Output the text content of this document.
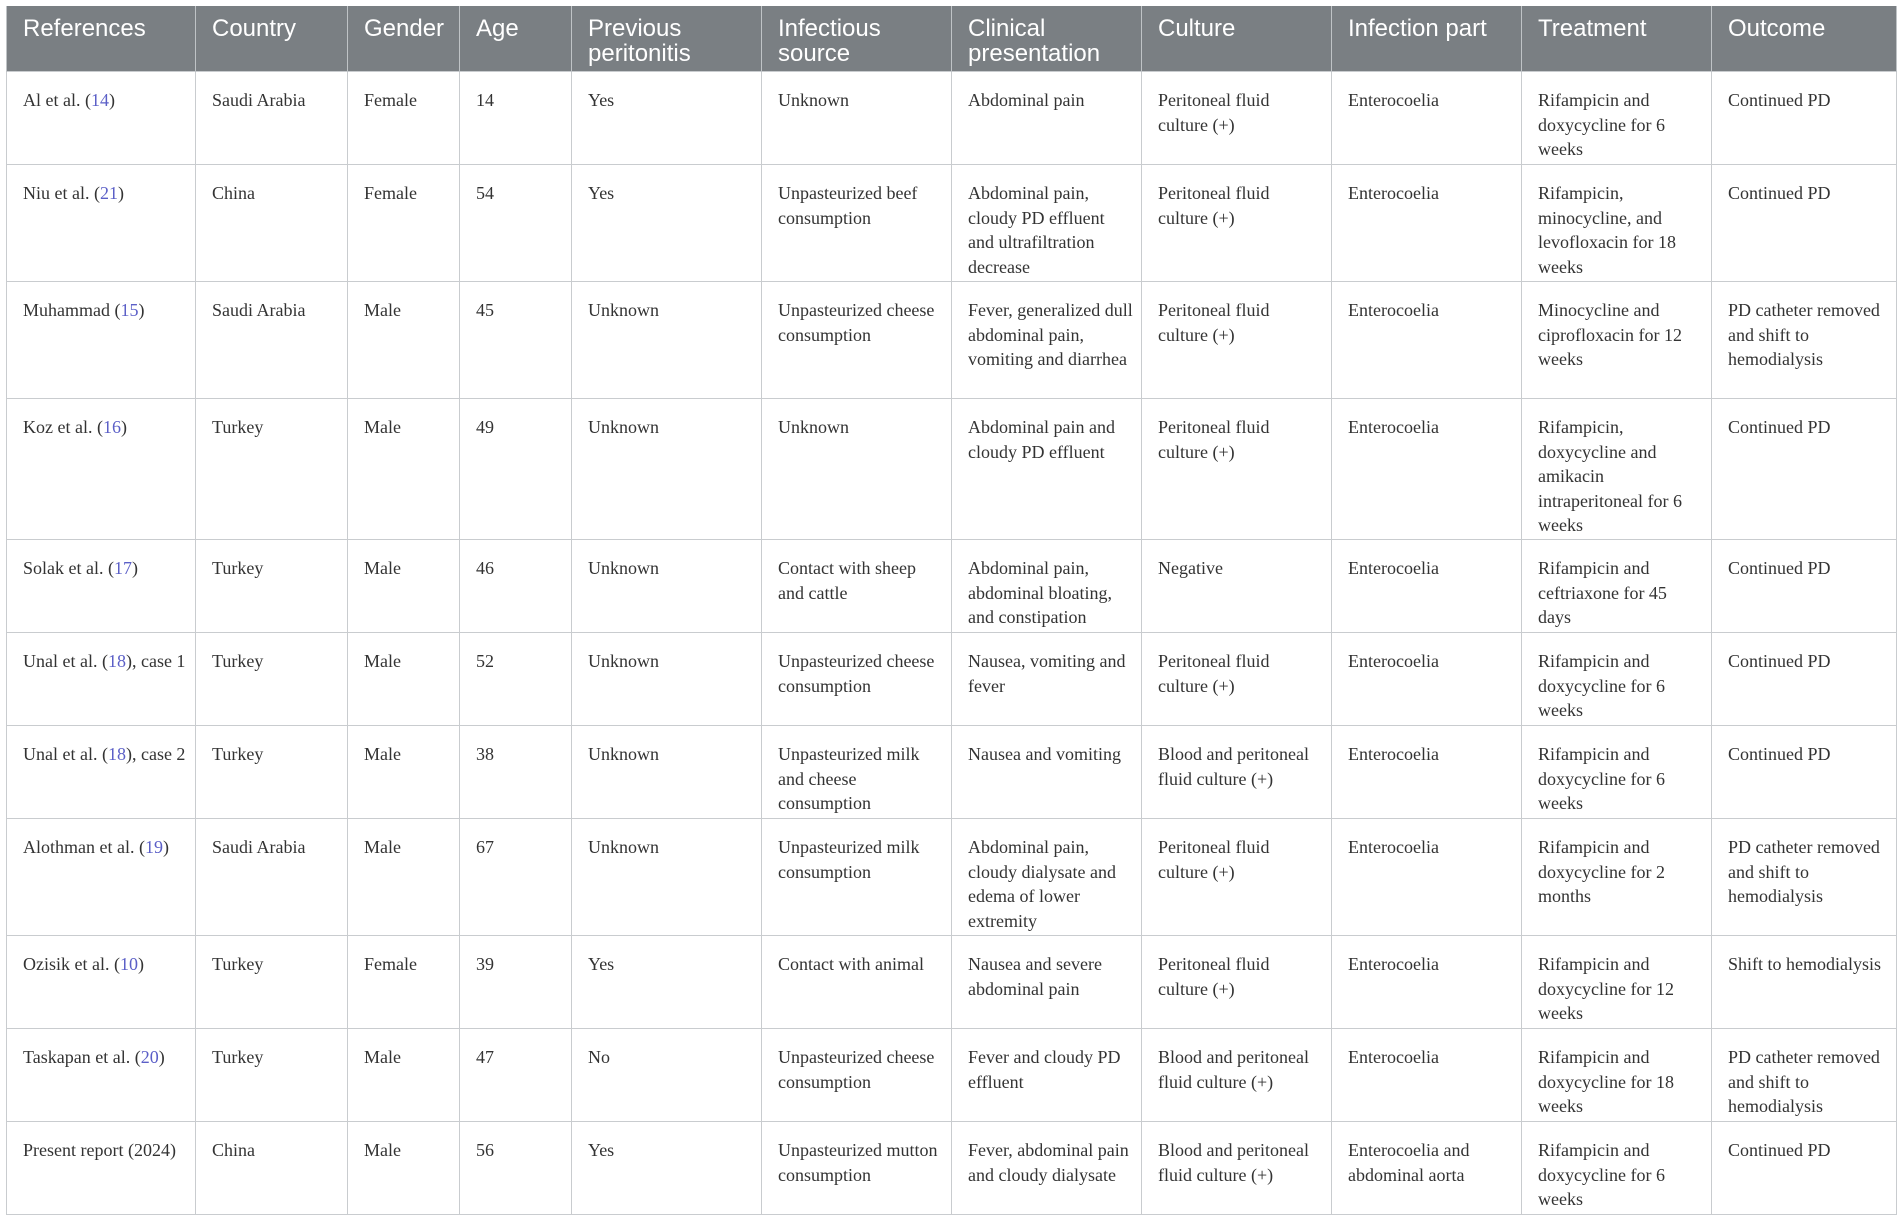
References	Country	Gender	Age	Previous peritonitis	Infectious source	Clinical presentation	Culture	Infection part	Treatment	Outcome
Al et al. (14)	Saudi Arabia	Female	14	Yes	Unknown	Abdominal pain	Peritoneal fluid culture (+)	Enterocoelia	Rifampicin and doxycycline for 6 weeks	Continued PD
Niu et al. (21)	China	Female	54	Yes	Unpasteurized beef consumption	Abdominal pain, cloudy PD effluent and ultrafiltration decrease	Peritoneal fluid culture (+)	Enterocoelia	Rifampicin, minocycline, and levofloxacin for 18 weeks	Continued PD
Muhammad (15)	Saudi Arabia	Male	45	Unknown	Unpasteurized cheese consumption	Fever, generalized dull abdominal pain, vomiting and diarrhea	Peritoneal fluid culture (+)	Enterocoelia	Minocycline and ciprofloxacin for 12 weeks	PD catheter removed and shift to hemodialysis
Koz et al. (16)	Turkey	Male	49	Unknown	Unknown	Abdominal pain and cloudy PD effluent	Peritoneal fluid culture (+)	Enterocoelia	Rifampicin, doxycycline and amikacin intraperitoneal for 6 weeks	Continued PD
Solak et al. (17)	Turkey	Male	46	Unknown	Contact with sheep and cattle	Abdominal pain, abdominal bloating, and constipation	Negative	Enterocoelia	Rifampicin and ceftriaxone for 45 days	Continued PD
Unal et al. (18), case 1	Turkey	Male	52	Unknown	Unpasteurized cheese consumption	Nausea, vomiting and fever	Peritoneal fluid culture (+)	Enterocoelia	Rifampicin and doxycycline for 6 weeks	Continued PD
Unal et al. (18), case 2	Turkey	Male	38	Unknown	Unpasteurized milk and cheese consumption	Nausea and vomiting	Blood and peritoneal fluid culture (+)	Enterocoelia	Rifampicin and doxycycline for 6 weeks	Continued PD
Alothman et al. (19)	Saudi Arabia	Male	67	Unknown	Unpasteurized milk consumption	Abdominal pain, cloudy dialysate and edema of lower extremity	Peritoneal fluid culture (+)	Enterocoelia	Rifampicin and doxycycline for 2 months	PD catheter removed and shift to hemodialysis
Ozisik et al. (10)	Turkey	Female	39	Yes	Contact with animal	Nausea and severe abdominal pain	Peritoneal fluid culture (+)	Enterocoelia	Rifampicin and doxycycline for 12 weeks	Shift to hemodialysis
Taskapan et al. (20)	Turkey	Male	47	No	Unpasteurized cheese consumption	Fever and cloudy PD effluent	Blood and peritoneal fluid culture (+)	Enterocoelia	Rifampicin and doxycycline for 18 weeks	PD catheter removed and shift to hemodialysis
Present report (2024)	China	Male	56	Yes	Unpasteurized mutton consumption	Fever, abdominal pain and cloudy dialysate	Blood and peritoneal fluid culture (+)	Enterocoelia and abdominal aorta	Rifampicin and doxycycline for 6 weeks	Continued PD
